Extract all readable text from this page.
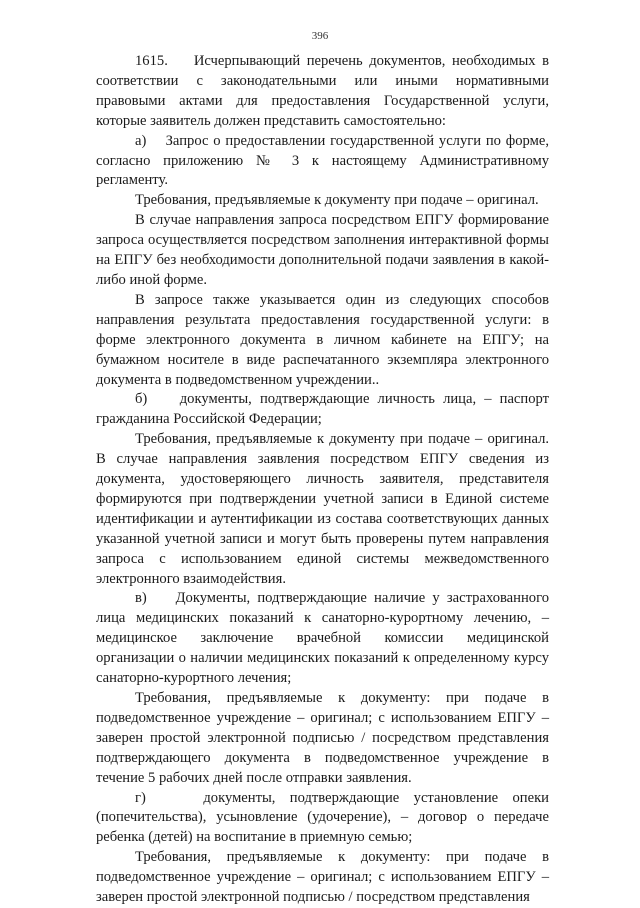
396

1615.    Исчерпывающий перечень документов, необходимых в соответствии с законодательными или иными нормативными правовыми актами для предоставления Государственной услуги, которые заявитель должен представить самостоятельно:

а)    Запрос о предоставлении государственной услуги по форме, согласно приложению № 3 к настоящему Административному регламенту.

Требования, предъявляемые к документу при подаче – оригинал.

В случае направления запроса посредством ЕПГУ формирование запроса осуществляется посредством заполнения интерактивной формы на ЕПГУ без необходимости дополнительной подачи заявления в какой-либо иной форме.

В запросе также указывается один из следующих способов направления результата предоставления государственной услуги: в форме электронного документа в личном кабинете на ЕПГУ; на бумажном носителе в виде распечатанного экземпляра электронного документа в подведомственном учреждении..

б)    документы, подтверждающие личность лица, – паспорт гражданина Российской Федерации;

Требования, предъявляемые к документу при подаче – оригинал. В случае направления заявления посредством ЕПГУ сведения из документа, удостоверяющего личность заявителя, представителя формируются при подтверждении учетной записи в Единой системе идентификации и аутентификации из состава соответствующих данных указанной учетной записи и могут быть проверены путем направления запроса с использованием единой системы межведомственного электронного взаимодействия.

в)    Документы, подтверждающие наличие у застрахованного лица медицинских показаний к санаторно-курортному лечению, – медицинское заключение врачебной комиссии медицинской организации о наличии медицинских показаний к определенному курсу санаторно-курортного лечения;

Требования, предъявляемые к документу: при подаче в подведомственное учреждение – оригинал; с использованием ЕПГУ – заверен простой электронной подписью / посредством представления подтверждающего документа в подведомственное учреждение в течение 5 рабочих дней после отправки заявления.

г)    документы, подтверждающие установление опеки (попечительства), усыновление (удочерение), – договор о передаче ребенка (детей) на воспитание в приемную семью;

Требования, предъявляемые к документу: при подаче в подведомственное учреждение – оригинал; с использованием ЕПГУ – заверен простой электронной подписью / посредством представления
